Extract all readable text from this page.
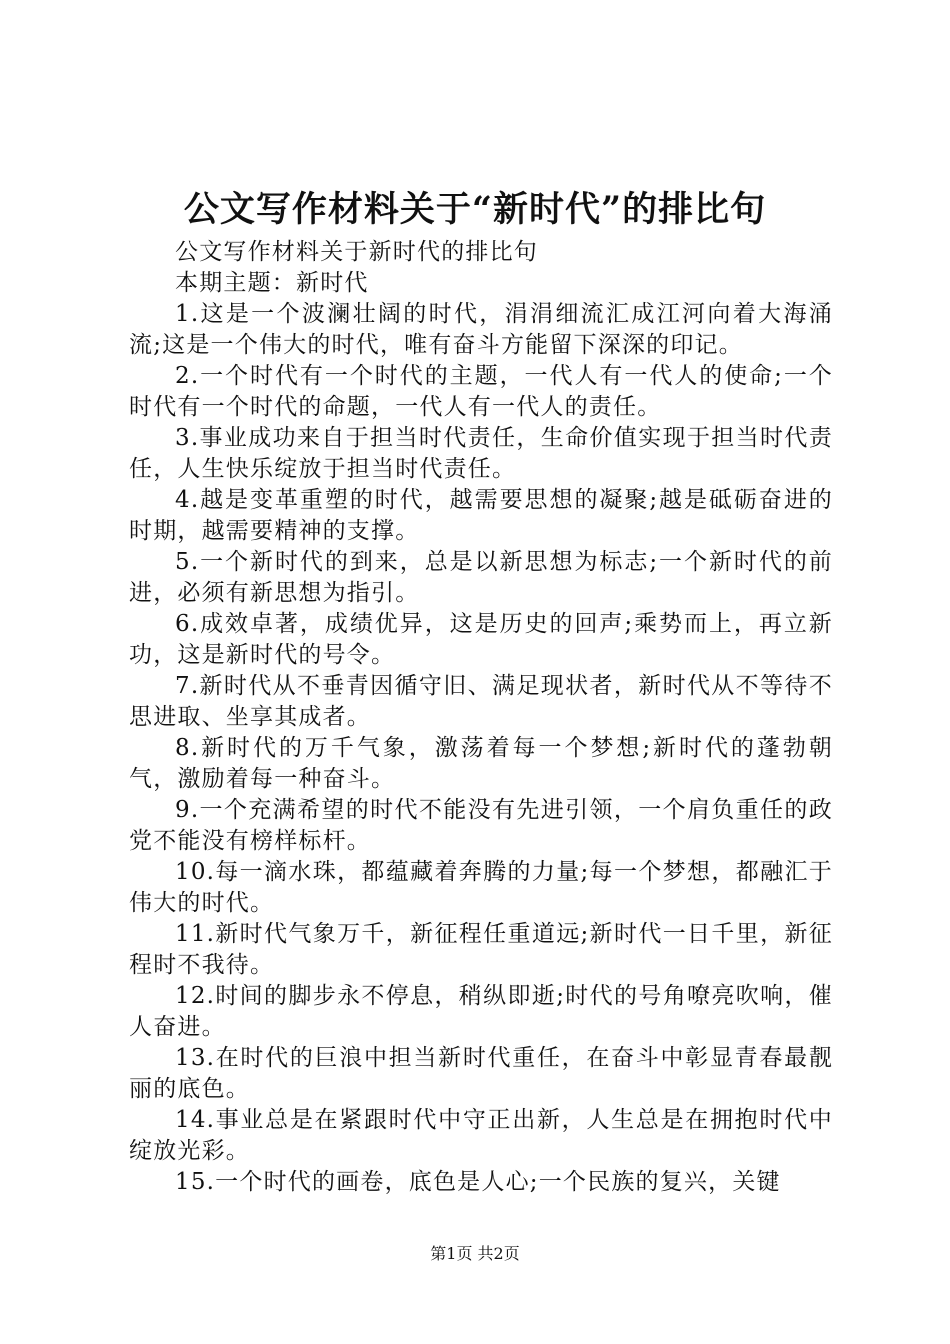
公文写作材料关于“新时代”的排比句

公文写作材料关于新时代的排比句

本期主题：新时代

1.这是一个波澜壮阔的时代，涓涓细流汇成江河向着大海涌流;这是一个伟大的时代，唯有奋斗方能留下深深的印记。

2.一个时代有一个时代的主题，一代人有一代人的使命;一个时代有一个时代的命题，一代人有一代人的责任。

3.事业成功来自于担当时代责任，生命价值实现于担当时代责任，人生快乐绽放于担当时代责任。

4.越是变革重塑的时代，越需要思想的凝聚;越是砥砺奋进的时期，越需要精神的支撑。

5.一个新时代的到来，总是以新思想为标志;一个新时代的前进，必须有新思想为指引。

6.成效卓著，成绩优异，这是历史的回声;乘势而上，再立新功，这是新时代的号令。

7.新时代从不垂青因循守旧、满足现状者，新时代从不等待不思进取、坐享其成者。

8.新时代的万千气象，激荡着每一个梦想;新时代的蓬勃朝气，激励着每一种奋斗。

9.一个充满希望的时代不能没有先进引领，一个肩负重任的政党不能没有榜样标杆。

10.每一滴水珠，都蕴藏着奔腾的力量;每一个梦想，都融汇于伟大的时代。

11.新时代气象万千，新征程任重道远;新时代一日千里，新征程时不我待。

12.时间的脚步永不停息，稍纵即逝;时代的号角嘹亮吹响，催人奋进。

13.在时代的巨浪中担当新时代重任，在奋斗中彰显青春最靓丽的底色。

14.事业总是在紧跟时代中守正出新，人生总是在拥抱时代中绽放光彩。

15.一个时代的画卷，底色是人心;一个民族的复兴，关键

第1页 共2页
